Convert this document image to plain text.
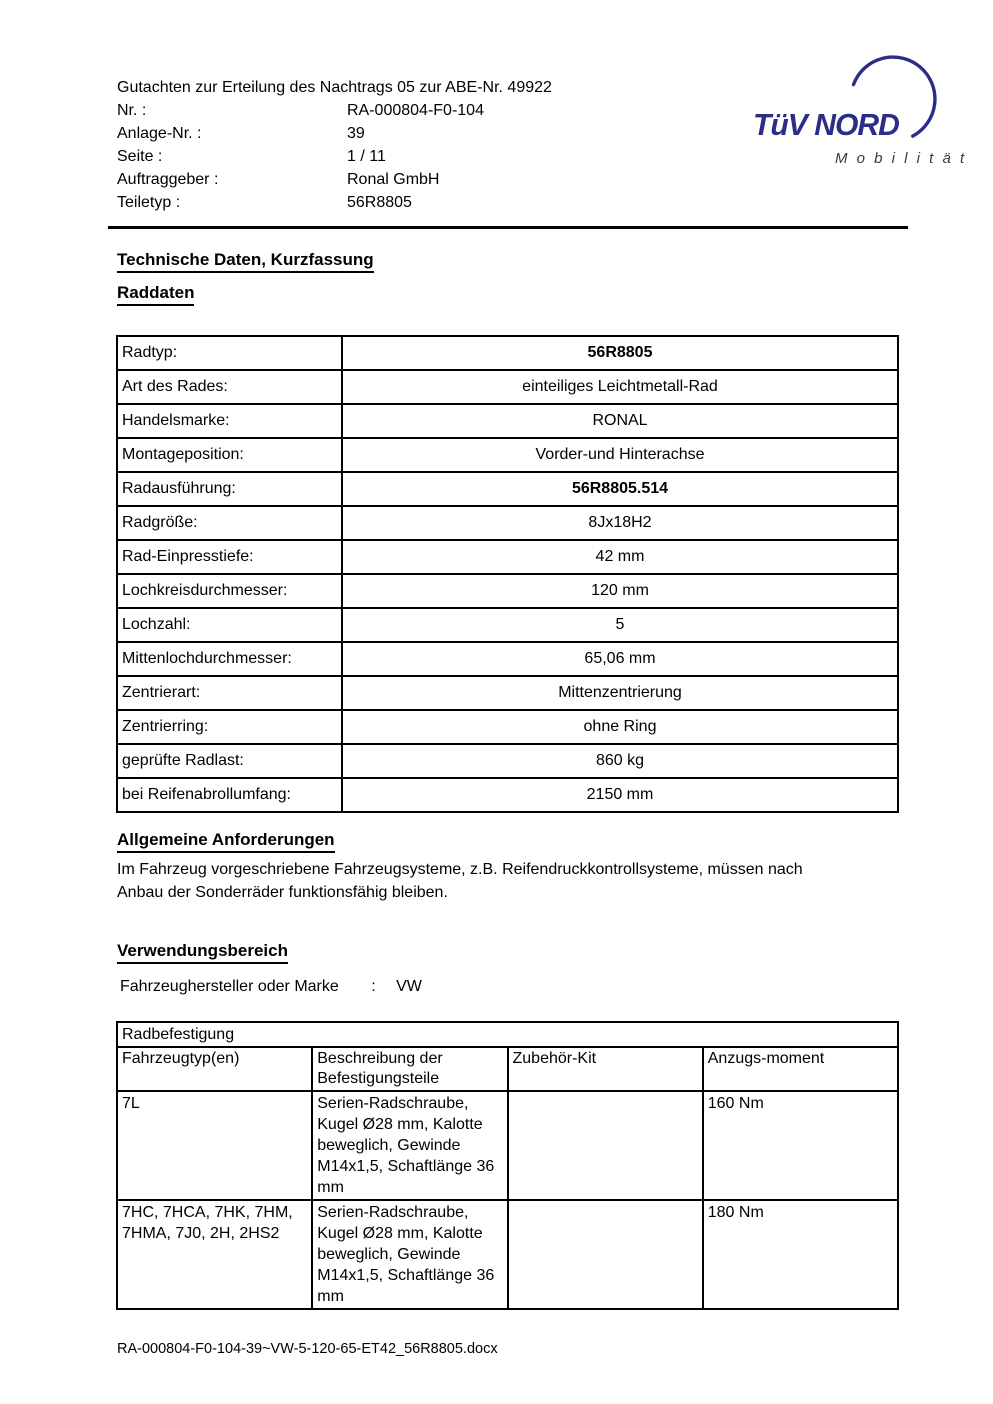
Gutachten zur Erteilung des Nachtrags 05 zur ABE-Nr. 49922
Nr. :	RA-000804-F0-104
Anlage-Nr. :	39
Seite :	1 / 11
Auftraggeber :	Ronal GmbH
Teiletyp :	56R8805
TüV NORD
M o b i l i t ä t
Technische Daten, Kurzfassung
Raddaten
Radtyp:	56R8805
Art des Rades:	einteiliges Leichtmetall-Rad
Handelsmarke:	RONAL
Montageposition:	Vorder-und Hinterachse
Radausführung:	56R8805.514
Radgröße:	8Jx18H2
Rad-Einpresstiefe:	42 mm
Lochkreisdurchmesser:	120 mm
Lochzahl:	5
Mittenlochdurchmesser:	65,06 mm
Zentrierart:	Mittenzentrierung
Zentrierring:	ohne Ring
geprüfte Radlast:	860 kg
bei Reifenabrollumfang:	2150 mm
Allgemeine Anforderungen
Im Fahrzeug vorgeschriebene Fahrzeugsysteme, z.B. Reifendruckkontrollsysteme, müssen nach Anbau der Sonderräder funktionsfähig bleiben.
Verwendungsbereich
Fahrzeughersteller oder Marke : VW
Radbefestigung			
Fahrzeugtyp(en)	Beschreibung der Befestigungsteile	Zubehör-Kit	Anzugs-moment
7L	Serien-Radschraube, Kugel Ø28 mm, Kalotte beweglich, Gewinde M14x1,5, Schaftlänge 36 mm		160 Nm
7HC, 7HCA, 7HK, 7HM, 7HMA, 7J0, 2H, 2HS2	Serien-Radschraube, Kugel Ø28 mm, Kalotte beweglich, Gewinde M14x1,5, Schaftlänge 36 mm		180 Nm
RA-000804-F0-104-39~VW-5-120-65-ET42_56R8805.docx
